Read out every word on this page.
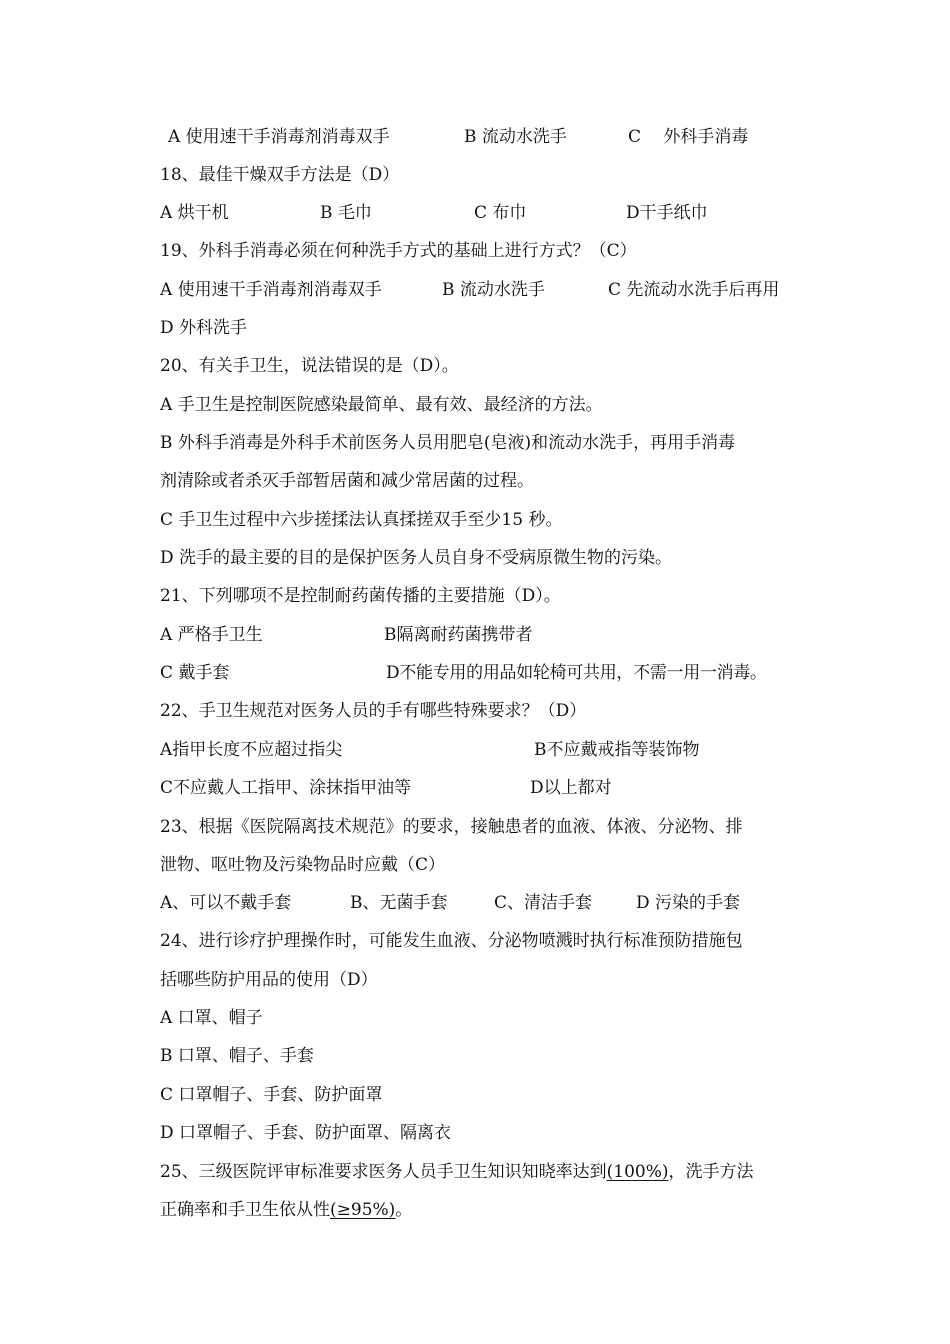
A 使用速干手消毒剂消毒双手	B 流动水洗手	C 　外科手消毒
18、最佳干燥双手方法是（D）
A 烘干机	B 毛巾	C 布巾	D干手纸巾
19、外科手消毒必须在何种洗手方式的基础上进行方式？（C）
A 使用速干手消毒剂消毒双手	B 流动水洗手	C 先流动水洗手后再用
D 外科洗手
20、有关手卫生，说法错误的是（D）。
A 手卫生是控制医院感染最简单、最有效、最经济的方法。
B 外科手消毒是外科手术前医务人员用肥皂(皂液)和流动水洗手，再用手消毒
剂清除或者杀灭手部暂居菌和减少常居菌的过程。
C 手卫生过程中六步搓揉法认真揉搓双手至少15 秒。
D 洗手的最主要的目的是保护医务人员自身不受病原微生物的污染。
21、下列哪项不是控制耐药菌传播的主要措施（D）。
A 严格手卫生	B隔离耐药菌携带者
C 戴手套	D不能专用的用品如轮椅可共用，不需一用一消毒。
22、手卫生规范对医务人员的手有哪些特殊要求？（D）
A指甲长度不应超过指尖	B不应戴戒指等装饰物
C不应戴人工指甲、涂抹指甲油等	D以上都对
23、根据《医院隔离技术规范》的要求，接触患者的血液、体液、分泌物、排
泄物、呕吐物及污染物品时应戴（C）
A、可以不戴手套	B、无菌手套	C、清洁手套	D 污染的手套
24、进行诊疗护理操作时，可能发生血液、分泌物喷溅时执行标准预防措施包
括哪些防护用品的使用（D）
A 口罩、帽子
B 口罩、帽子、手套
C 口罩帽子、手套、防护面罩
D 口罩帽子、手套、防护面罩、隔离衣
25、三级医院评审标准要求医务人员手卫生知识知晓率达到(100%)，洗手方法
正确率和手卫生依从性(≥95%)。
